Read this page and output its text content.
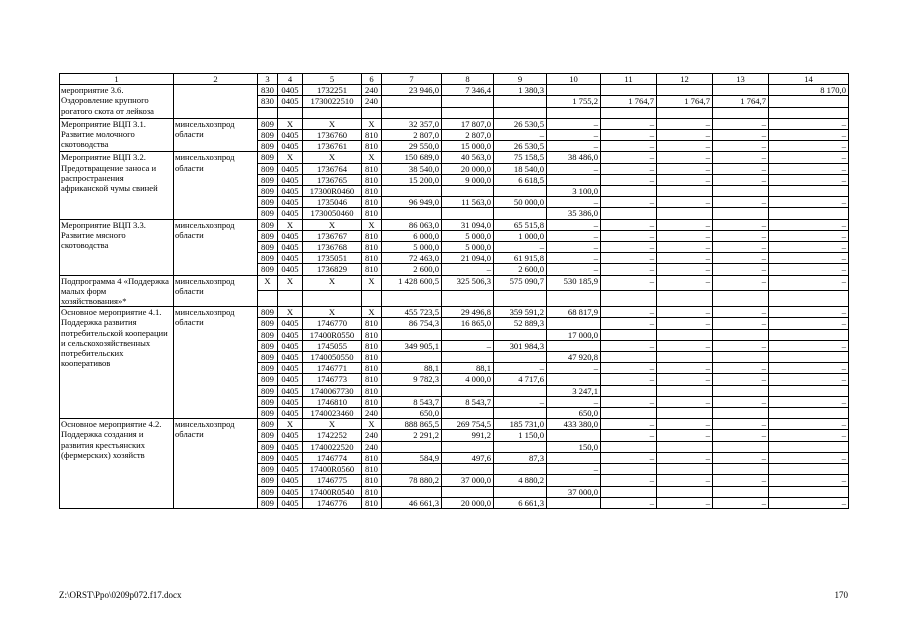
1	2	3	4	5	6	7	8	9	10	11	12	13	14
мероприятие 3.6. Оздоровление крупного рогатого скота от лейкоза		830	0405	1732251	240	23 946,0	7 346,4	1 380,3					8 170,0
		830	0405	1730022510	240				1 755,2	1 764,7	1 764,7	1 764,7	

Мероприятие ВЦП 3.1. Развитие молочного скотоводства	минсельхозпрод области	809	X	X	X	32 357,0	17 807,0	26 530,5	–	–	–	–	–
		809	0405	1736760	810	2 807,0	2 807,0	–	–	–	–	–	–
		809	0405	1736761	810	29 550,0	15 000,0	26 530,5	–	–	–	–	–
Мероприятие ВЦП 3.2. Предотвращение заноса и распространения африканской чумы свиней	минсельхозпрод области	809	X	X	X	150 689,0	40 563,0	75 158,5	38 486,0	–	–	–	–
		809	0405	1736764	810	38 540,0	20 000,0	18 540,0	–	–	–	–	–
		809	0405	1736765	810	15 200,0	9 000,0	6 618,5		–	–	–	–
		809	0405	17300R0460	810				3 100,0				
		809	0405	1735046	810	96 949,0	11 563,0	50 000,0	–	–	–	–	–
		809	0405	1730050460	810				35 386,0				
Мероприятие ВЦП 3.3. Развитие мясного скотоводства	минсельхозпрод области	809	X	X	X	86 063,0	31 094,0	65 515,8	–	–	–	–	–
		809	0405	1736767	810	6 000,0	5 000,0	1 000,0	–	–	–	–	–
		809	0405	1736768	810	5 000,0	5 000,0	–	–	–	–	–	–
		809	0405	1735051	810	72 463,0	21 094,0	61 915,8	–	–	–	–	–
		809	0405	1736829	810	2 600,0	–	2 600,0	–	–	–	–	–
Подпрограмма 4 «Поддержка малых форм хозяйствования»*	минсельхозпрод области	X	X	X	X	1 428 600,5	325 506,3	575 090,7	530 185,9	–	–	–	–

Основное мероприятие 4.1. Поддержка развития потребительской кооперации и сельскохозяйственных потребительских кооперативов	минсельхозпрод области	809	X	X	X	455 723,5	29 496,8	359 591,2	68 817,9	–	–	–	–
		809	0405	1746770	810	86 754,3	16 865,0	52 889,3		–	–	–	–
		809	0405	17400R0550	810				17 000,0				
		809	0405	1745055	810	349 905,1	–	301 984,3		–	–	–	–
		809	0405	1740050550	810				47 920,8				
		809	0405	1746771	810	88,1	88,1	–	–	–	–	–	–
		809	0405	1746773	810	9 782,3	4 000,0	4 717,6		–	–	–	–
		809	0405	1740067730	810				3 247,1				
		809	0405	1746810	810	8 543,7	8 543,7	–	–	–	–	–	–
		809	0405	1740023460	240	650,0			650,0				
Основное мероприятие 4.2. Поддержка создания и развития крестьянских (фермерских) хозяйств	минсельхозпрод области	809	X	X	X	888 865,5	269 754,5	185 731,0	433 380,0	–	–	–	–
		809	0405	1742252	240	2 291,2	991,2	1 150,0		–	–	–	–
		809	0405	1740022520	240				150,0				
		809	0405	1746774	810	584,9	497,6	87,3		–	–	–	–
		809	0405	17400R0560	810				–				
		809	0405	1746775	810	78 880,2	37 000,0	4 880,2		–	–	–	–
		809	0405	17400R0540	810				37 000,0				
		809	0405	1746776	810	46 661,3	20 000,0	6 661,3		–	–	–	–
Z:\ORST\Ppo\0209p072.f17.docx	170
